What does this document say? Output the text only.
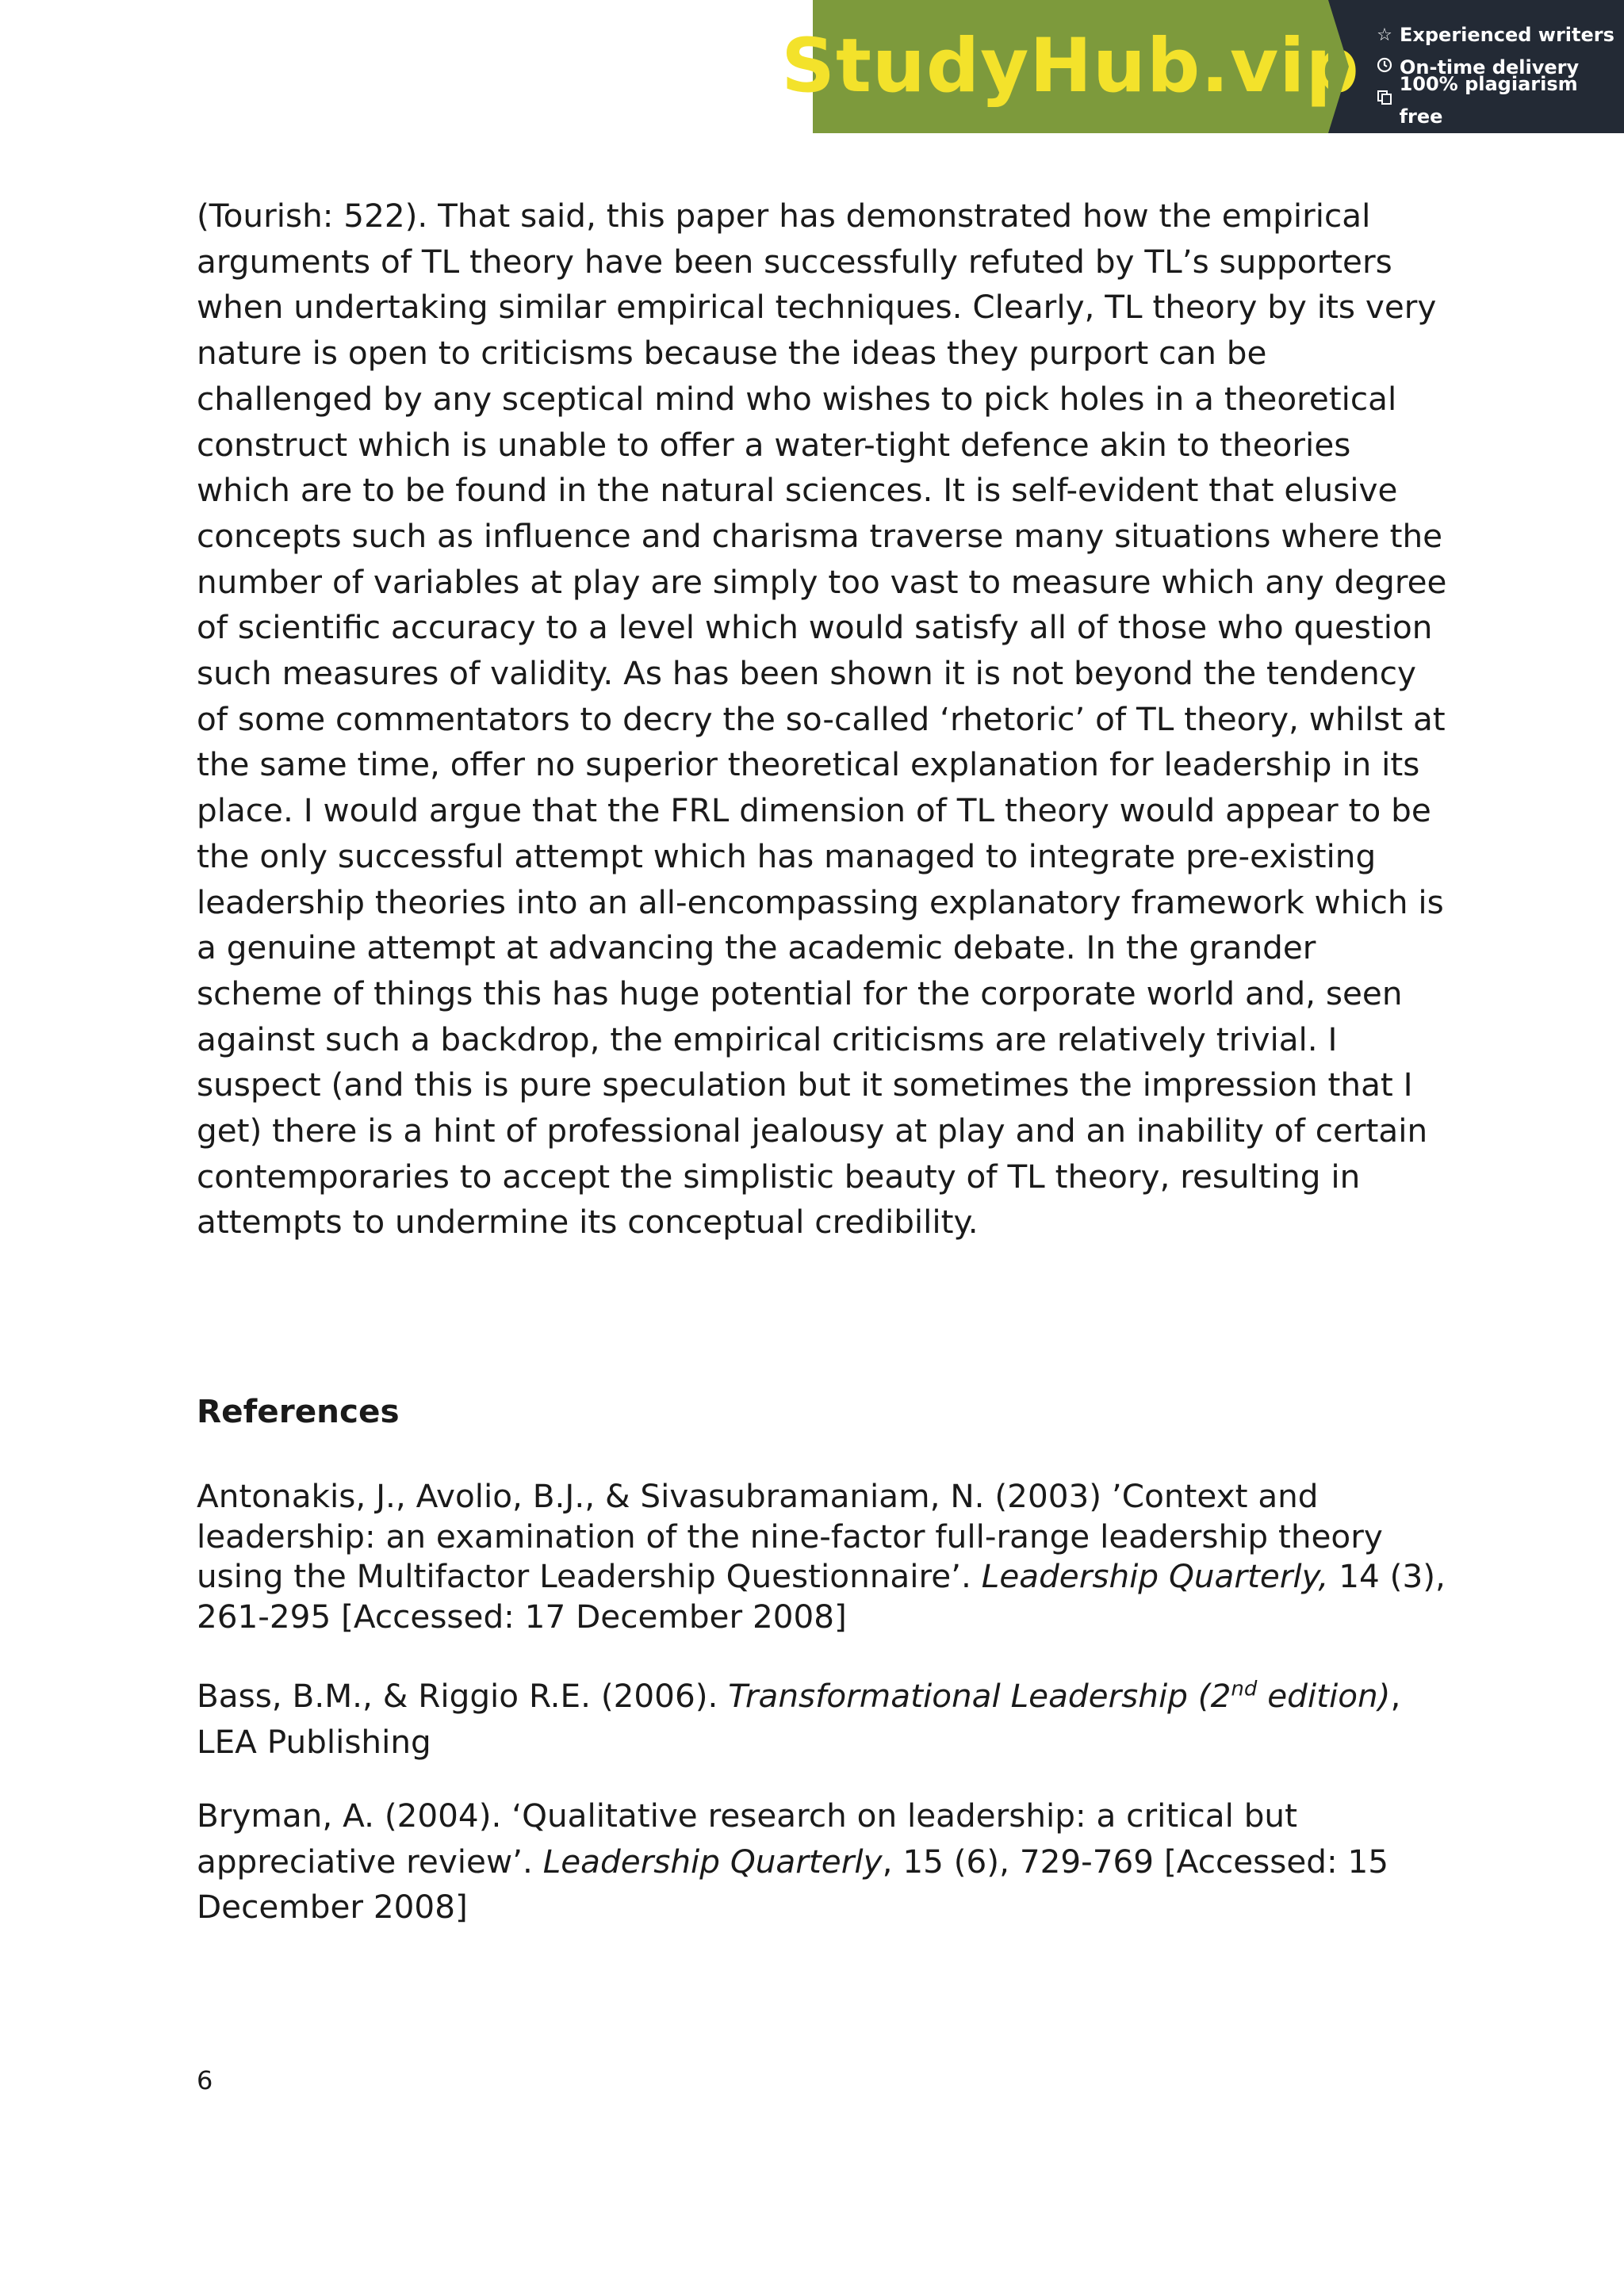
StudyHub.vip ☆ Experienced writers
On-time delivery
100% plagiarism free

(Tourish: 522). That said, this paper has demonstrated how the empirical arguments of TL theory have been successfully refuted by TL’s supporters when undertaking similar empirical techniques. Clearly, TL theory by its very nature is open to criticisms because the ideas they purport can be challenged by any sceptical mind who wishes to pick holes in a theoretical construct which is unable to offer a water-tight defence akin to theories which are to be found in the natural sciences. It is self-evident that elusive concepts such as influence and charisma traverse many situations where the number of variables at play are simply too vast to measure which any degree of scientific accuracy to a level which would satisfy all of those who question such measures of validity. As has been shown it is not beyond the tendency of some commentators to decry the so-called ‘rhetoric’ of TL theory, whilst at the same time, offer no superior theoretical explanation for leadership in its place. I would argue that the FRL dimension of TL theory would appear to be the only successful attempt which has managed to integrate pre-existing leadership theories into an all-encompassing explanatory framework which is a genuine attempt at advancing the academic debate. In the grander scheme of things this has huge potential for the corporate world and, seen against such a backdrop, the empirical criticisms are relatively trivial. I suspect (and this is pure speculation but it sometimes the impression that I get) there is a hint of professional jealousy at play and an inability of certain contemporaries to accept the simplistic beauty of TL theory, resulting in attempts to undermine its conceptual credibility.

References

Antonakis, J., Avolio, B.J., & Sivasubramaniam, N. (2003) ’Context and leadership: an examination of the nine-factor full-range leadership theory using the Multifactor Leadership Questionnaire’. Leadership Quarterly, 14 (3), 261-295 [Accessed: 17 December 2008]

Bass, B.M., & Riggio R.E. (2006). Transformational Leadership (2nd edition), LEA Publishing

Bryman, A. (2004). ‘Qualitative research on leadership: a critical but appreciative review’. Leadership Quarterly, 15 (6), 729-769 [Accessed: 15 December 2008]

6
